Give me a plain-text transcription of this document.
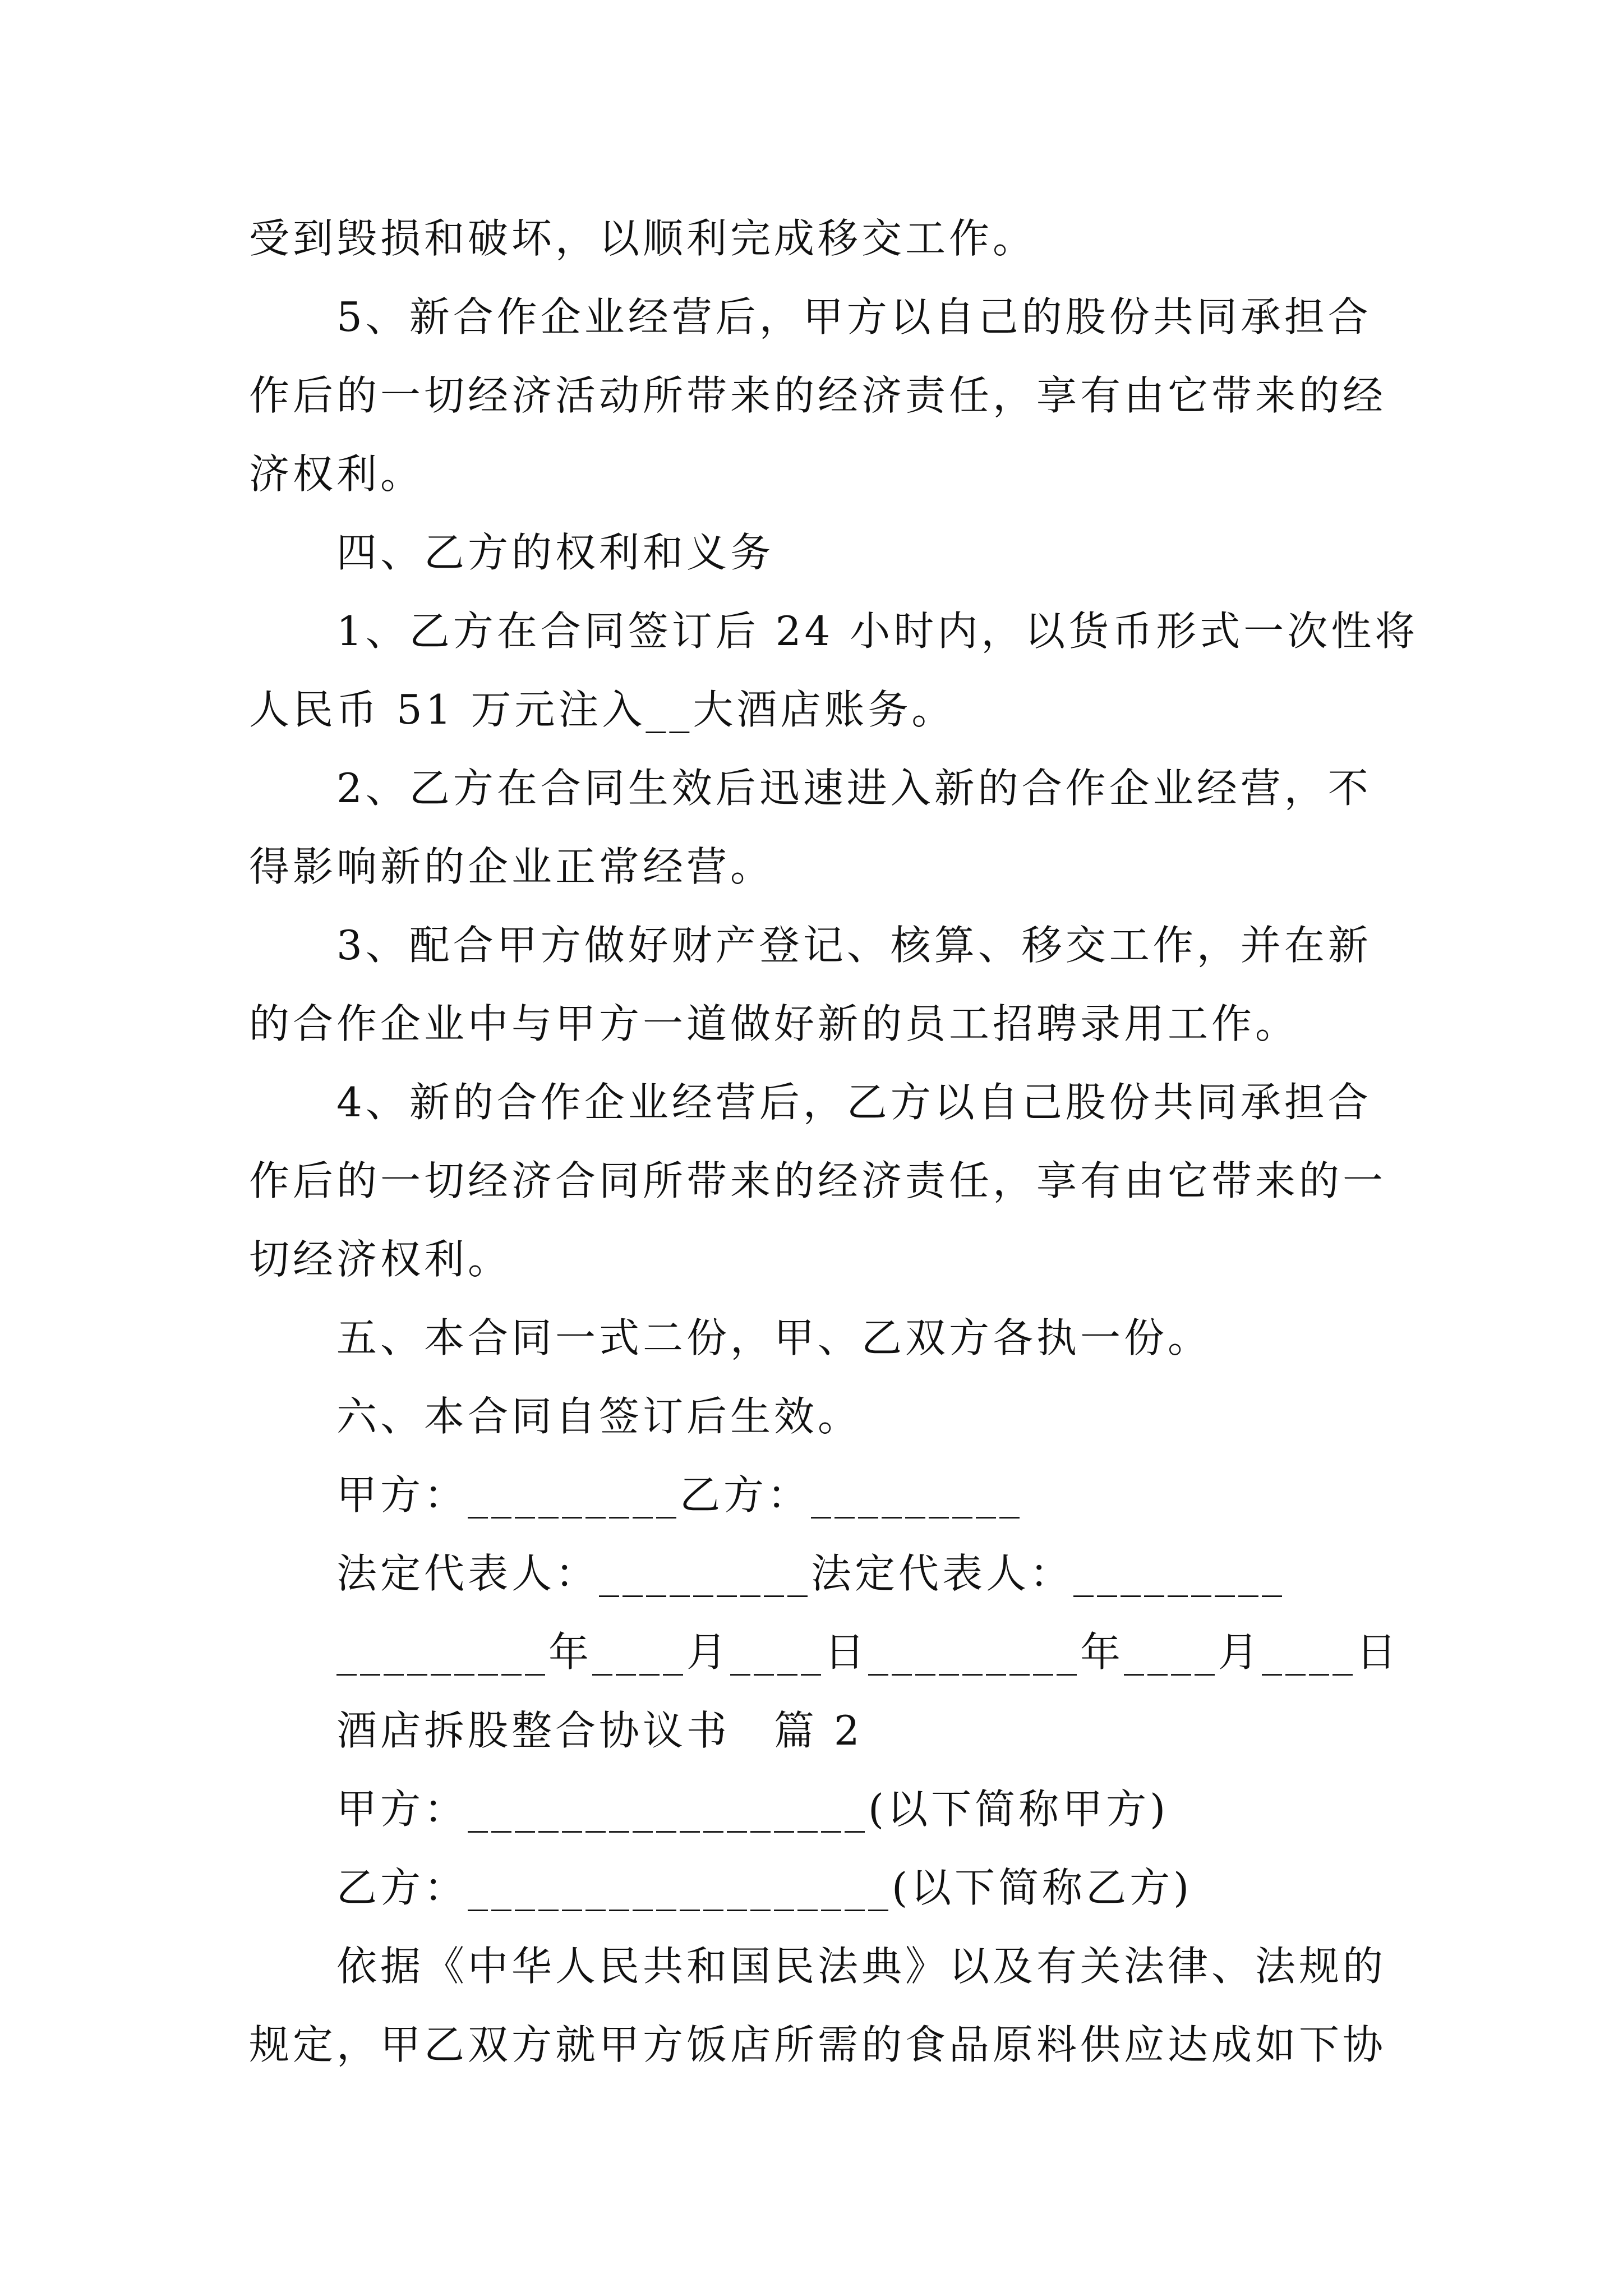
受到毁损和破坏，以顺利完成移交工作。
　　5、新合作企业经营后，甲方以自己的股份共同承担合
作后的一切经济活动所带来的经济责任，享有由它带来的经
济权利。
　　四、乙方的权利和义务
　　1、乙方在合同签订后 24 小时内，以货币形式一次性将
人民币 51 万元注入__大酒店账务。
　　2、乙方在合同生效后迅速进入新的合作企业经营，不
得影响新的企业正常经营。
　　3、配合甲方做好财产登记、核算、移交工作，并在新
的合作企业中与甲方一道做好新的员工招聘录用工作。
　　4、新的合作企业经营后，乙方以自己股份共同承担合
作后的一切经济合同所带来的经济责任，享有由它带来的一
切经济权利。
　　五、本合同一式二份，甲、乙双方各执一份。
　　六、本合同自签订后生效。
　　甲方：_________乙方：_________
　　法定代表人：_________法定代表人：_________
　　_________年____月____日_________年____月____日
　　酒店拆股整合协议书　篇 2
　　甲方：_________________(以下简称甲方)
　　乙方：__________________(以下简称乙方)
　　依据《中华人民共和国民法典》以及有关法律、法规的
规定，甲乙双方就甲方饭店所需的食品原料供应达成如下协
